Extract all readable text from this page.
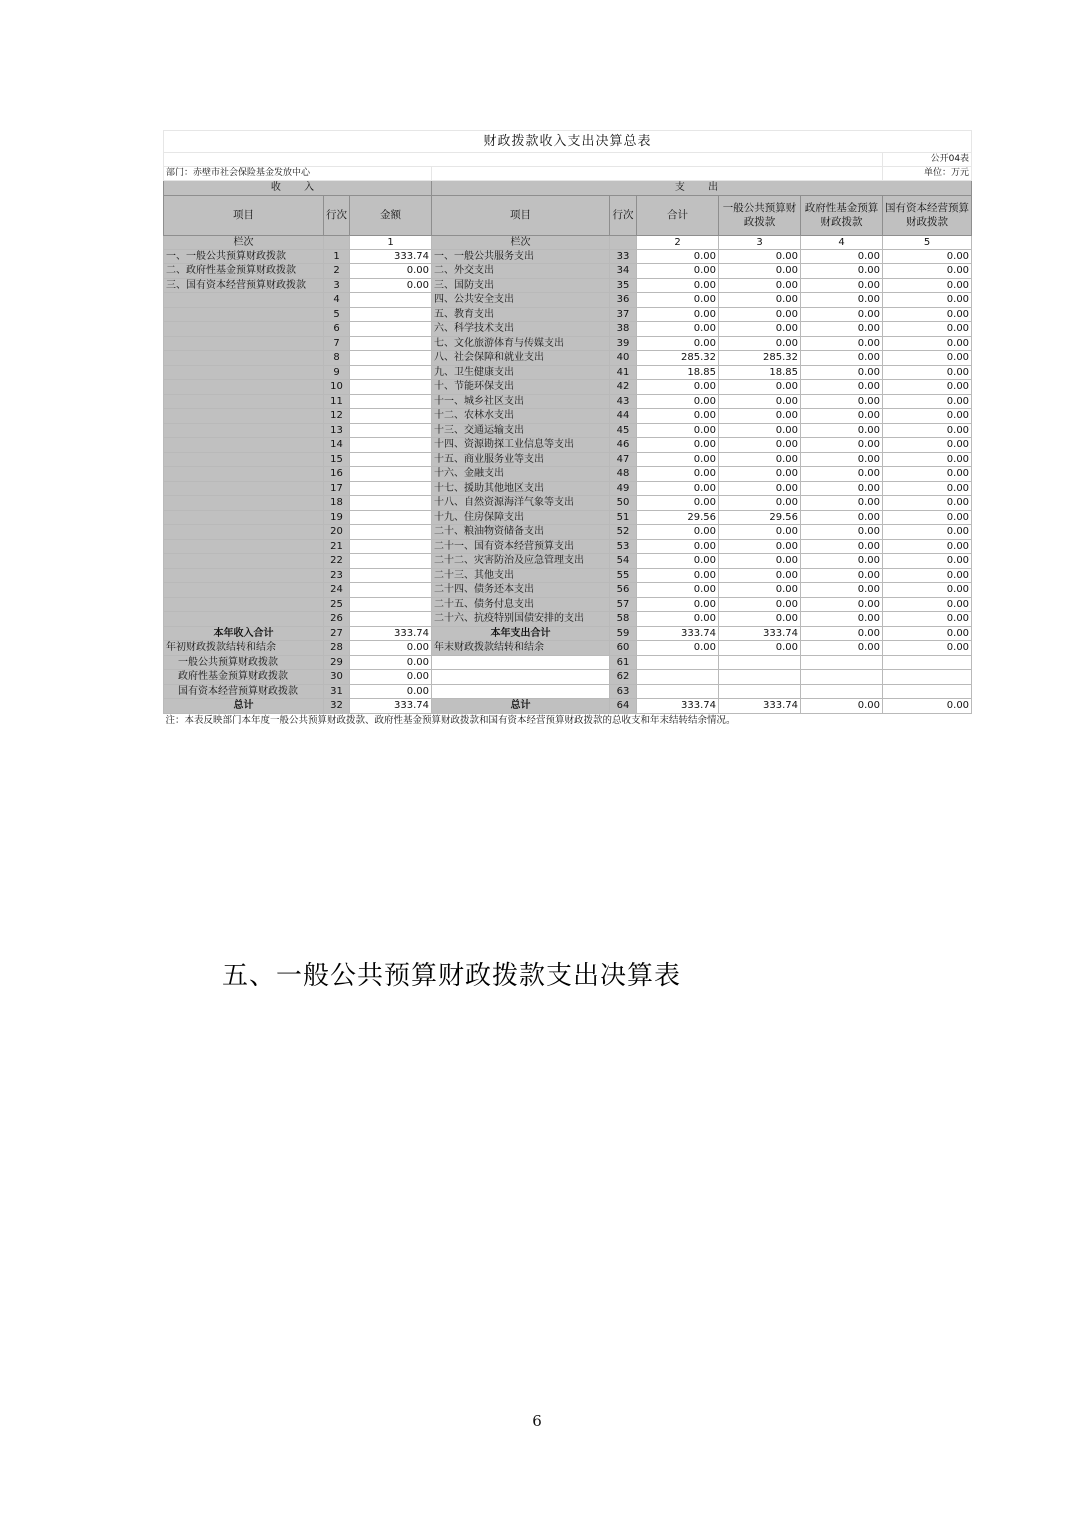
财政拨款收入支出决算总表								
								公开04表
部门：赤壁市社会保险基金发放中心								单位：万元
收 入			支 出					
项目	行次	金额	项目	行次	合计	一般公共预算财政拨款	政府性基金预算财政拨款	国有资本经营预算财政拨款
栏次		1	栏次		2	3	4	5
一、一般公共预算财政拨款	1	333.74	一、一般公共服务支出	33	0.00	0.00	0.00	0.00
二、政府性基金预算财政拨款	2	0.00	二、外交支出	34	0.00	0.00	0.00	0.00
三、国有资本经营预算财政拨款	3	0.00	三、国防支出	35	0.00	0.00	0.00	0.00
	4		四、公共安全支出	36	0.00	0.00	0.00	0.00
	5		五、教育支出	37	0.00	0.00	0.00	0.00
	6		六、科学技术支出	38	0.00	0.00	0.00	0.00
	7		七、文化旅游体育与传媒支出	39	0.00	0.00	0.00	0.00
	8		八、社会保障和就业支出	40	285.32	285.32	0.00	0.00
	9		九、卫生健康支出	41	18.85	18.85	0.00	0.00
	10		十、节能环保支出	42	0.00	0.00	0.00	0.00
	11		十一、城乡社区支出	43	0.00	0.00	0.00	0.00
	12		十二、农林水支出	44	0.00	0.00	0.00	0.00
	13		十三、交通运输支出	45	0.00	0.00	0.00	0.00
	14		十四、资源勘探工业信息等支出	46	0.00	0.00	0.00	0.00
	15		十五、商业服务业等支出	47	0.00	0.00	0.00	0.00
	16		十六、金融支出	48	0.00	0.00	0.00	0.00
	17		十七、援助其他地区支出	49	0.00	0.00	0.00	0.00
	18		十八、自然资源海洋气象等支出	50	0.00	0.00	0.00	0.00
	19		十九、住房保障支出	51	29.56	29.56	0.00	0.00
	20		二十、粮油物资储备支出	52	0.00	0.00	0.00	0.00
	21		二十一、国有资本经营预算支出	53	0.00	0.00	0.00	0.00
	22		二十二、灾害防治及应急管理支出	54	0.00	0.00	0.00	0.00
	23		二十三、其他支出	55	0.00	0.00	0.00	0.00
	24		二十四、债务还本支出	56	0.00	0.00	0.00	0.00
	25		二十五、债务付息支出	57	0.00	0.00	0.00	0.00
	26		二十六、抗疫特别国债安排的支出	58	0.00	0.00	0.00	0.00
本年收入合计	27	333.74	本年支出合计	59	333.74	333.74	0.00	0.00
年初财政拨款结转和结余	28	0.00	年末财政拨款结转和结余	60	0.00	0.00	0.00	0.00
一般公共预算财政拨款	29	0.00		61				
政府性基金预算财政拨款	30	0.00		62				
国有资本经营预算财政拨款	31	0.00		63				
总计	32	333.74	总计	64	333.74	333.74	0.00	0.00
注：本表反映部门本年度一般公共预算财政拨款、政府性基金预算财政拨款和国有资本经营预算财政拨款的总收支和年末结转结余情况。								
五、一般公共预算财政拨款支出决算表
6
